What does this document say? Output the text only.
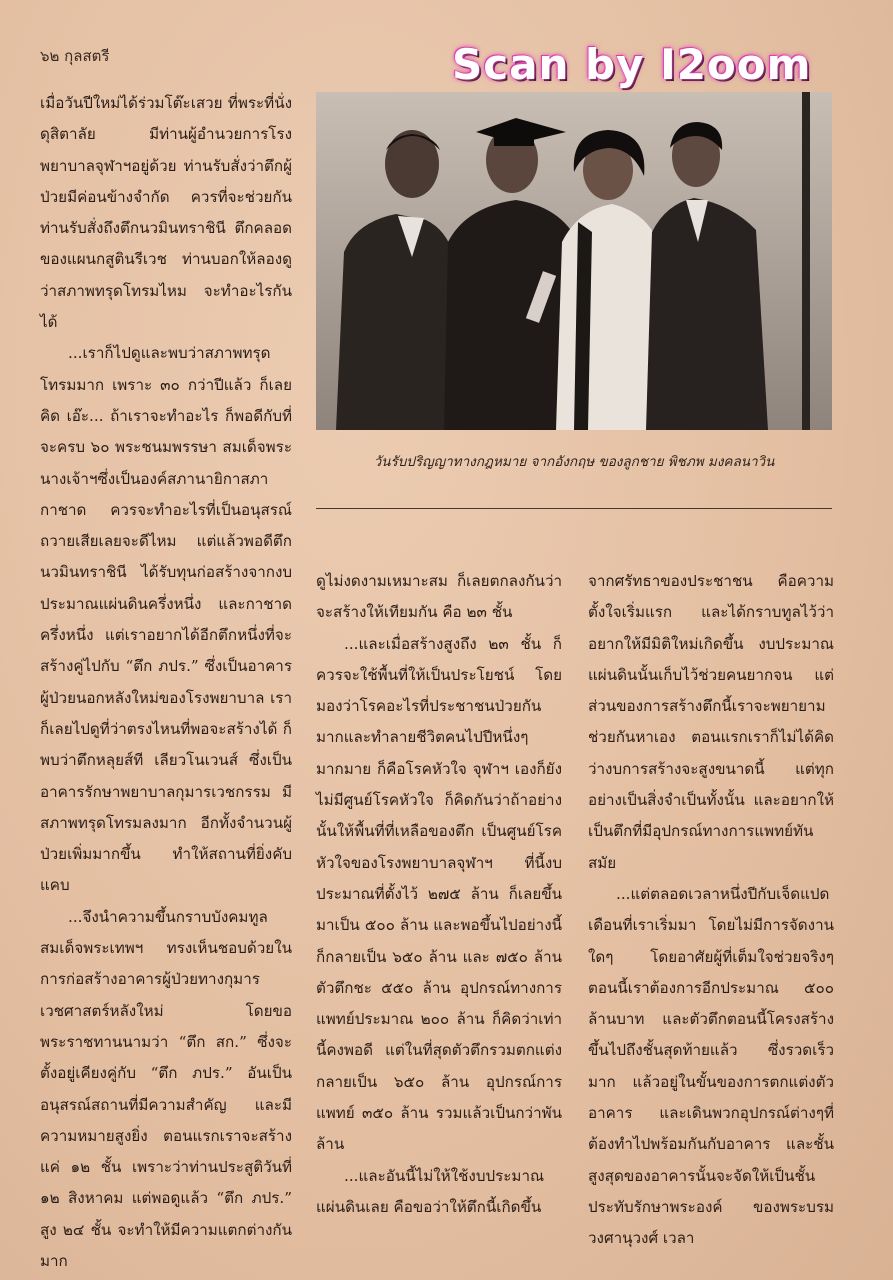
๖๒ กุลสตรี	Scan by I2oom
วันรับปริญญาทางกฎหมาย จากอังกฤษ ของลูกชาย พิชภพ มงคลนาวิน

เมื่อวันปีใหม่ได้ร่วมโต๊ะเสวย ที่พระที่นั่งดุสิตาลัย มีท่านผู้อำนวยการโรงพยาบาลจุฬาฯอยู่ด้วย ท่านรับสั่งว่าตึกผู้ป่วยมีค่อนข้างจำกัด ควรที่จะช่วยกัน ท่านรับสั่งถึงตึกนวมินทราชินี ตึกคลอดของแผนกสูตินรีเวช ท่านบอกให้ลองดูว่าสภาพทรุดโทรมไหม จะทำอะไรกันได้

...เราก็ไปดูและพบว่าสภาพทรุดโทรมมาก เพราะ ๓๐ กว่าปีแล้ว ก็เลยคิด เอ๊ะ... ถ้าเราจะทำอะไร ก็พอดีกับที่จะครบ ๖๐ พระชนมพรรษา สมเด็จพระนางเจ้าฯซึ่งเป็นองค์สภานายิกาสภากาชาด ควรจะทำอะไรที่เป็นอนุสรณ์ถวายเสียเลยจะดีไหม แต่แล้วพอดีตึกนวมินทราชินี ได้รับทุนก่อสร้างจากงบประมาณแผ่นดินครึ่งหนึ่ง และกาชาดครึ่งหนึ่ง แต่เราอยากได้อีกตึกหนึ่งที่จะสร้างคู่ไปกับ “ตึก ภปร.” ซึ่งเป็นอาคารผู้ป่วยนอกหลังใหม่ของโรงพยาบาล เราก็เลยไปดูที่ว่าตรงไหนที่พอจะสร้างได้ ก็พบว่าตึกหลุยส์ที เลียวโนเวนส์ ซึ่งเป็นอาคารรักษาพยาบาลกุมารเวชกรรม มีสภาพทรุดโทรมลงมาก อีกทั้งจำนวนผู้ป่วยเพิ่มมากขึ้น ทำให้สถานที่ยิ่งคับแคบ

...จึงนำความขึ้นกราบบังคมทูลสมเด็จพระเทพฯ ทรงเห็นชอบด้วยในการก่อสร้างอาคารผู้ป่วยทางกุมารเวชศาสตร์หลังใหม่ โดยขอพระราชทานนามว่า “ตึก สก.” ซึ่งจะตั้งอยู่เคียงคู่กับ “ตึก ภปร.” อันเป็นอนุสรณ์สถานที่มีความสำคัญ และมีความหมายสูงยิ่ง ตอนแรกเราจะสร้างแค่ ๑๒ ชั้น เพราะว่าท่านประสูติวันที่ ๑๒ สิงหาคม แต่พอดูแล้ว “ตึก ภปร.” สูง ๒๔ ชั้น จะทำให้มีความแตกต่างกันมาก

ดูไม่งดงามเหมาะสม ก็เลยตกลงกันว่าจะสร้างให้เทียมกัน คือ ๒๓ ชั้น

...และเมื่อสร้างสูงถึง ๒๓ ชั้น ก็ควรจะใช้พื้นที่ให้เป็นประโยชน์ โดยมองว่าโรคอะไรที่ประชาชนป่วยกันมากและทำลายชีวิตคนไปปีหนึ่งๆ มากมาย ก็คือโรคหัวใจ จุฬาฯ เองก็ยังไม่มีศูนย์โรคหัวใจ ก็คิดกันว่าถ้าอย่างนั้นให้พื้นที่ที่เหลือของตึก เป็นศูนย์โรคหัวใจของโรงพยาบาลจุฬาฯ ที่นี้งบประมาณที่ตั้งไว้ ๒๗๕ ล้าน ก็เลยขึ้นมาเป็น ๕๐๐ ล้าน และพอขึ้นไปอย่างนี้ ก็กลายเป็น ๖๕๐ ล้าน และ ๗๕๐ ล้าน ตัวตึกชะ ๕๕๐ ล้าน อุปกรณ์ทางการแพทย์ประมาณ ๒๐๐ ล้าน ก็คิดว่าเท่านี้คงพอดี แต่ในที่สุดตัวตึกรวมตกแต่ง กลายเป็น ๖๕๐ ล้าน อุปกรณ์การแพทย์ ๓๕๐ ล้าน รวมแล้วเป็นกว่าพันล้าน

...และอันนี้ไม่ให้ใช้งบประมาณแผ่นดินเลย คือขอว่าให้ตึกนี้เกิดขึ้น

จากศรัทธาของประชาชน คือความตั้งใจเริ่มแรก และได้กราบทูลไว้ว่าอยากให้มีมิติใหม่เกิดขึ้น งบประมาณแผ่นดินนั้นเก็บไว้ช่วยคนยากจน แต่ส่วนของการสร้างตึกนี้เราจะพยายาม ช่วยกันหาเอง ตอนแรกเราก็ไม่ได้คิดว่างบการสร้างจะสูงขนาดนี้ แต่ทุกอย่างเป็นสิ่งจำเป็นทั้งนั้น และอยากให้เป็นตึกที่มีอุปกรณ์ทางการแพทย์ทันสมัย

...แต่ตลอดเวลาหนึ่งปีกับเจ็ดแปดเดือนที่เราเริ่มมา โดยไม่มีการจัดงานใดๆ โดยอาศัยผู้ที่เต็มใจช่วยจริงๆ ตอนนี้เราต้องการอีกประมาณ ๕๐๐ ล้านบาท และตัวตึกตอนนี้โครงสร้างขึ้นไปถึงชั้นสุดท้ายแล้ว ซึ่งรวดเร็วมาก แล้วอยู่ในขั้นของการตกแต่งตัวอาคาร และเดินพวกอุปกรณ์ต่างๆที่ต้องทำไปพร้อมกันกับอาคาร และชั้นสูงสุดของอาคารนั้นจะจัดให้เป็นชั้นประทับรักษาพระองค์ ของพระบรมวงศานุวงศ์ เวลา
